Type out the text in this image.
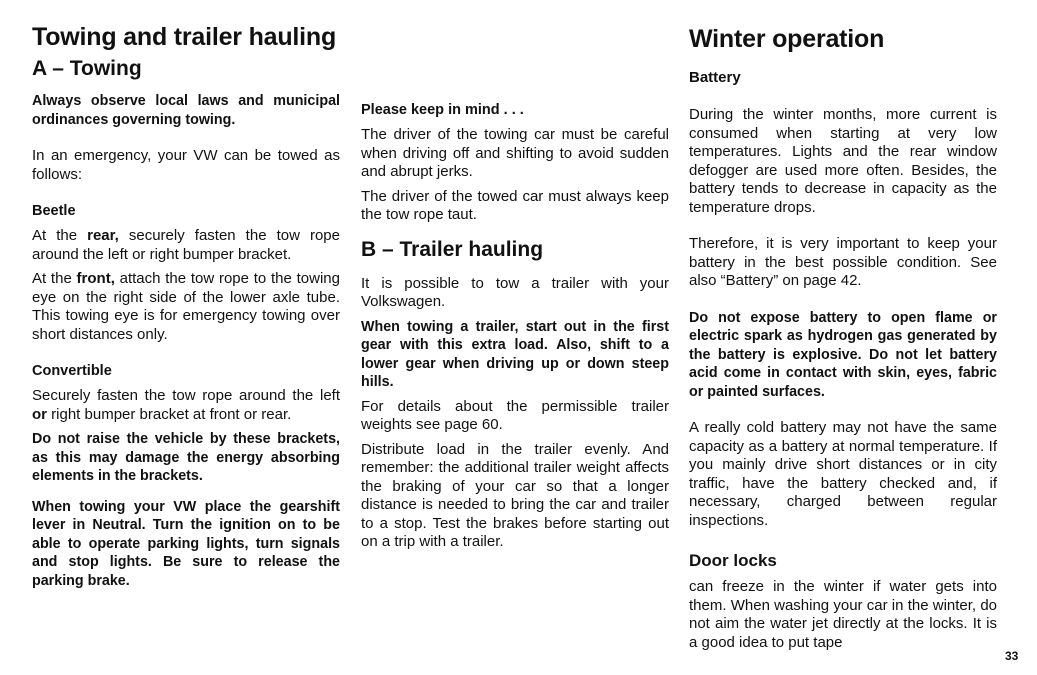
Towing and trailer hauling
A – Towing

Always observe local laws and municipal ordinances governing towing.

In an emergency, your VW can be towed as follows:

Beetle

At the rear, securely fasten the tow rope around the left or right bumper bracket.

At the front, attach the tow rope to the towing eye on the right side of the lower axle tube. This towing eye is for emergency towing over short distances only.

Convertible

Securely fasten the tow rope around the left or right bumper bracket at front or rear.

Do not raise the vehicle by these brackets, as this may damage the energy absorbing elements in the brackets.

When towing your VW place the gearshift lever in Neutral. Turn the ignition on to be able to operate parking lights, turn signals and stop lights. Be sure to release the parking brake.

Please keep in mind . . .

The driver of the towing car must be careful when driving off and shifting to avoid sudden and abrupt jerks.

The driver of the towed car must always keep the tow rope taut.

B – Trailer hauling

It is possible to tow a trailer with your Volkswagen.

When towing a trailer, start out in the first gear with this extra load. Also, shift to a lower gear when driving up or down steep hills.

For details about the permissible trailer weights see page 60.

Distribute load in the trailer evenly. And remember: the additional trailer weight affects the braking of your car so that a longer distance is needed to bring the car and trailer to a stop. Test the brakes before starting out on a trip with a trailer.

Winter operation
Battery

During the winter months, more current is consumed when starting at very low temperatures. Lights and the rear window defogger are used more often. Besides, the battery tends to decrease in capacity as the temperature drops.

Therefore, it is very important to keep your battery in the best possible condition. See also “Battery” on page 42.

Do not expose battery to open flame or electric spark as hydrogen gas generated by the battery is explosive. Do not let battery acid come in contact with skin, eyes, fabric or painted surfaces.

A really cold battery may not have the same capacity as a battery at normal temperature. If you mainly drive short distances or in city traffic, have the battery checked and, if necessary, charged between regular inspections.

Door locks

can freeze in the winter if water gets into them. When washing your car in the winter, do not aim the water jet directly at the locks. It is a good idea to put tape

33
